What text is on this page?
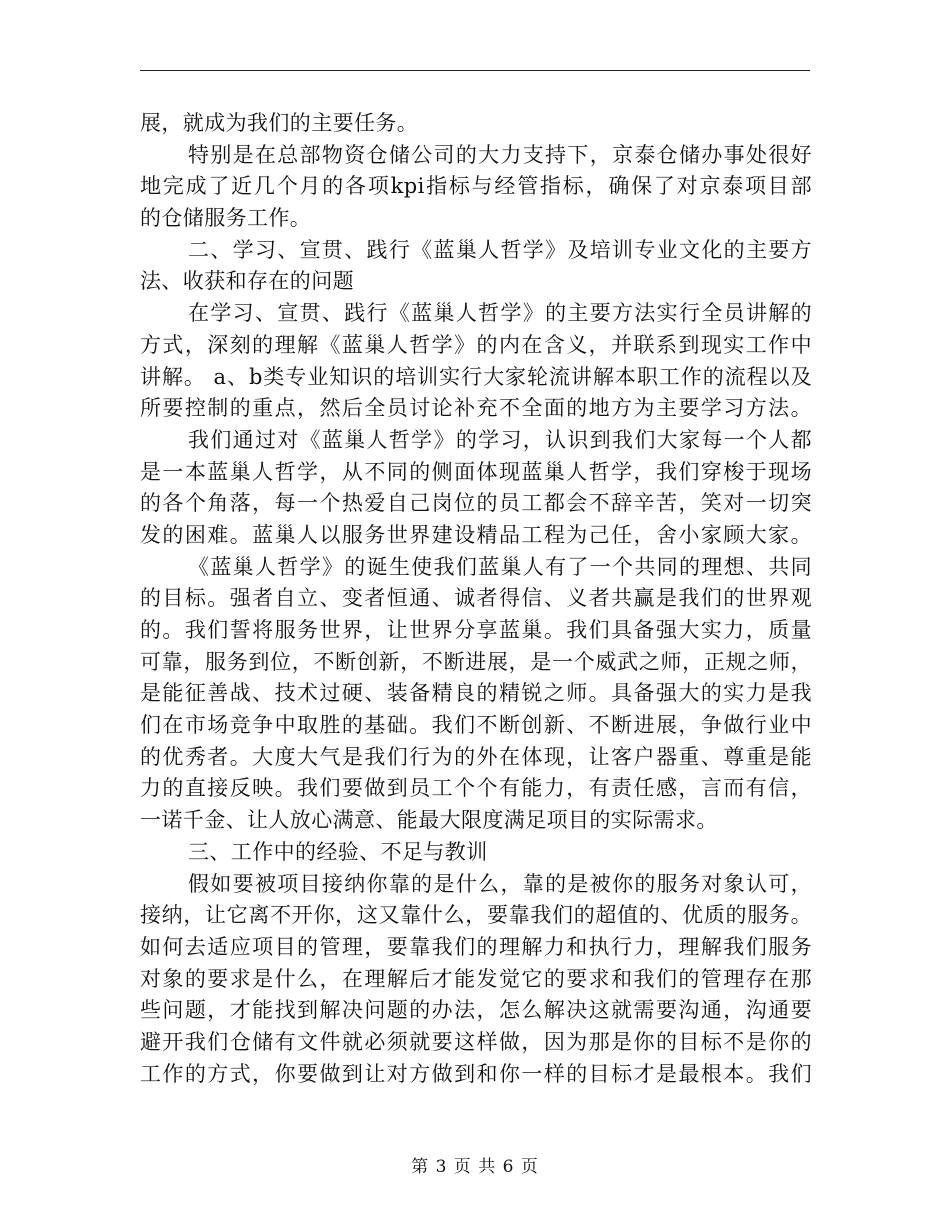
展，就成为我们的主要任务。
特别是在总部物资仓储公司的大力支持下，京泰仓储办事处很好
地完成了近几个月的各项kpi指标与经管指标，确保了对京泰项目部
的仓储服务工作。
二、学习、宣贯、践行《蓝巢人哲学》及培训专业文化的主要方
法、收获和存在的问题
在学习、宣贯、践行《蓝巢人哲学》的主要方法实行全员讲解的
方式，深刻的理解《蓝巢人哲学》的内在含义，并联系到现实工作中
讲解。 a、b类专业知识的培训实行大家轮流讲解本职工作的流程以及
所要控制的重点，然后全员讨论补充不全面的地方为主要学习方法。
我们通过对《蓝巢人哲学》的学习，认识到我们大家每一个人都
是一本蓝巢人哲学，从不同的侧面体现蓝巢人哲学，我们穿梭于现场
的各个角落，每一个热爱自己岗位的员工都会不辞辛苦，笑对一切突
发的困难。蓝巢人以服务世界建设精品工程为己任，舍小家顾大家。
《蓝巢人哲学》的诞生使我们蓝巢人有了一个共同的理想、共同
的目标。强者自立、变者恒通、诚者得信、义者共赢是我们的世界观
的。我们誓将服务世界，让世界分享蓝巢。我们具备强大实力，质量
可靠，服务到位，不断创新，不断进展，是一个威武之师，正规之师，
是能征善战、技术过硬、装备精良的精锐之师。具备强大的实力是我
们在市场竞争中取胜的基础。我们不断创新、不断进展，争做行业中
的优秀者。大度大气是我们行为的外在体现，让客户器重、尊重是能
力的直接反映。我们要做到员工个个有能力，有责任感，言而有信，
一诺千金、让人放心满意、能最大限度满足项目的实际需求。
三、工作中的经验、不足与教训
假如要被项目接纳你靠的是什么，靠的是被你的服务对象认可，
接纳，让它离不开你，这又靠什么，要靠我们的超值的、优质的服务。
如何去适应项目的管理，要靠我们的理解力和执行力，理解我们服务
对象的要求是什么，在理解后才能发觉它的要求和我们的管理存在那
些问题，才能找到解决问题的办法，怎么解决这就需要沟通，沟通要
避开我们仓储有文件就必须就要这样做，因为那是你的目标不是你的
工作的方式，你要做到让对方做到和你一样的目标才是最根本。我们
第 3 页 共 6 页
